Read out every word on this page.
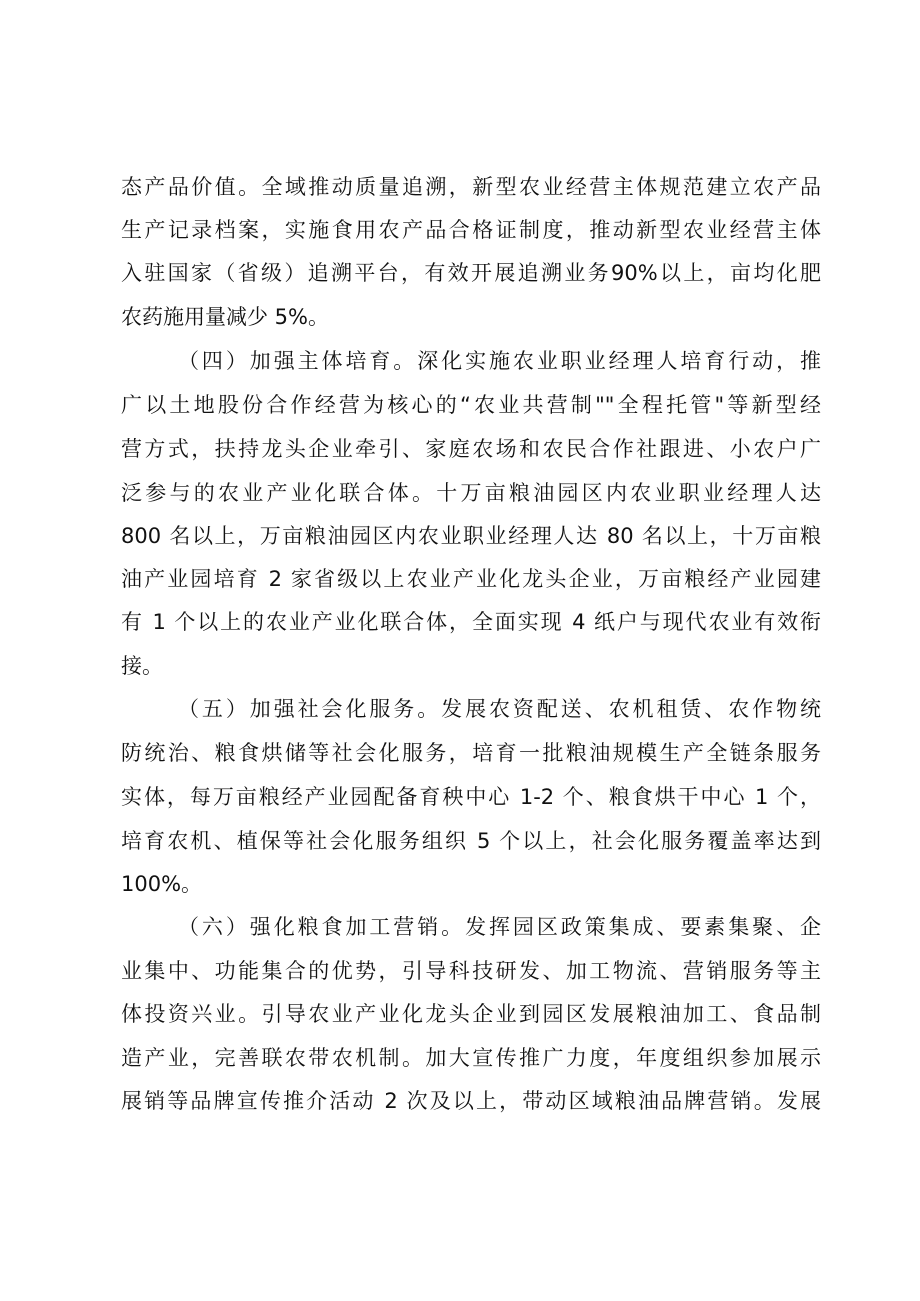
态产品价值。全域推动质量追溯，新型农业经营主体规范建立农产品
生产记录档案，实施食用农产品合格证制度，推动新型农业经营主体
入驻国家（省级）追溯平台，有效开展追溯业务90%以上，亩均化肥
农药施用量减少 5%。
（四）加强主体培育。深化实施农业职业经理人培育行动，推
广以土地股份合作经营为核心的“农业共营制""全程托管"等新型经
营方式，扶持龙头企业牵引、家庭农场和农民合作社跟进、小农户广
泛参与的农业产业化联合体。十万亩粮油园区内农业职业经理人达
800 名以上，万亩粮油园区内农业职业经理人达 80 名以上，十万亩粮
油产业园培育 2 家省级以上农业产业化龙头企业，万亩粮经产业园建
有 1 个以上的农业产业化联合体，全面实现 4 纸户与现代农业有效衔
接。
（五）加强社会化服务。发展农资配送、农机租赁、农作物统
防统治、粮食烘储等社会化服务，培育一批粮油规模生产全链条服务
实体，每万亩粮经产业园配备育秧中心 1-2 个、粮食烘干中心 1 个，
培育农机、植保等社会化服务组织 5 个以上，社会化服务覆盖率达到
100%。
（六）强化粮食加工营销。发挥园区政策集成、要素集聚、企
业集中、功能集合的优势，引导科技研发、加工物流、营销服务等主
体投资兴业。引导农业产业化龙头企业到园区发展粮油加工、食品制
造产业，完善联农带农机制。加大宣传推广力度，年度组织参加展示
展销等品牌宣传推介活动 2 次及以上，带动区域粮油品牌营销。发展
